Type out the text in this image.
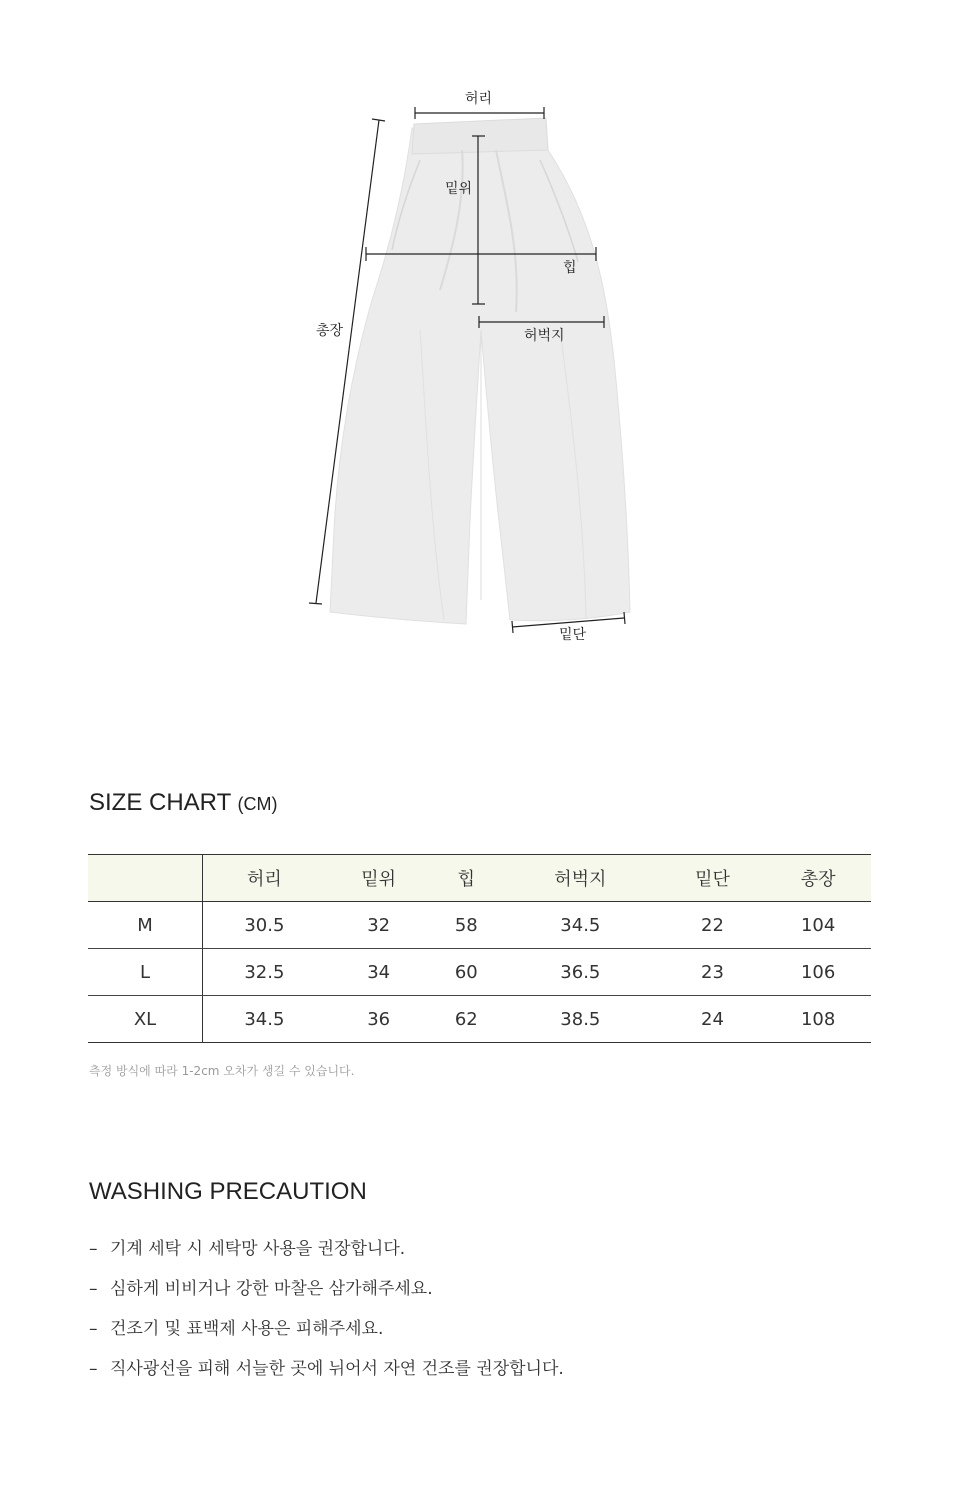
허리
밑위
힙
허벅지
밑단
총장
SIZE CHART (CM)
	허리	밑위	힙	허벅지	밑단	총장
M	30.5	32	58	34.5	22	104
L	32.5	34	60	36.5	23	106
XL	34.5	36	62	38.5	24	108
측정 방식에 따라 1-2cm 오차가 생길 수 있습니다.
WASHING PRECAUTION
– 기계 세탁 시 세탁망 사용을 권장합니다.
– 심하게 비비거나 강한 마찰은 삼가해주세요.
– 건조기 및 표백제 사용은 피해주세요.
– 직사광선을 피해 서늘한 곳에 뉘어서 자연 건조를 권장합니다.
